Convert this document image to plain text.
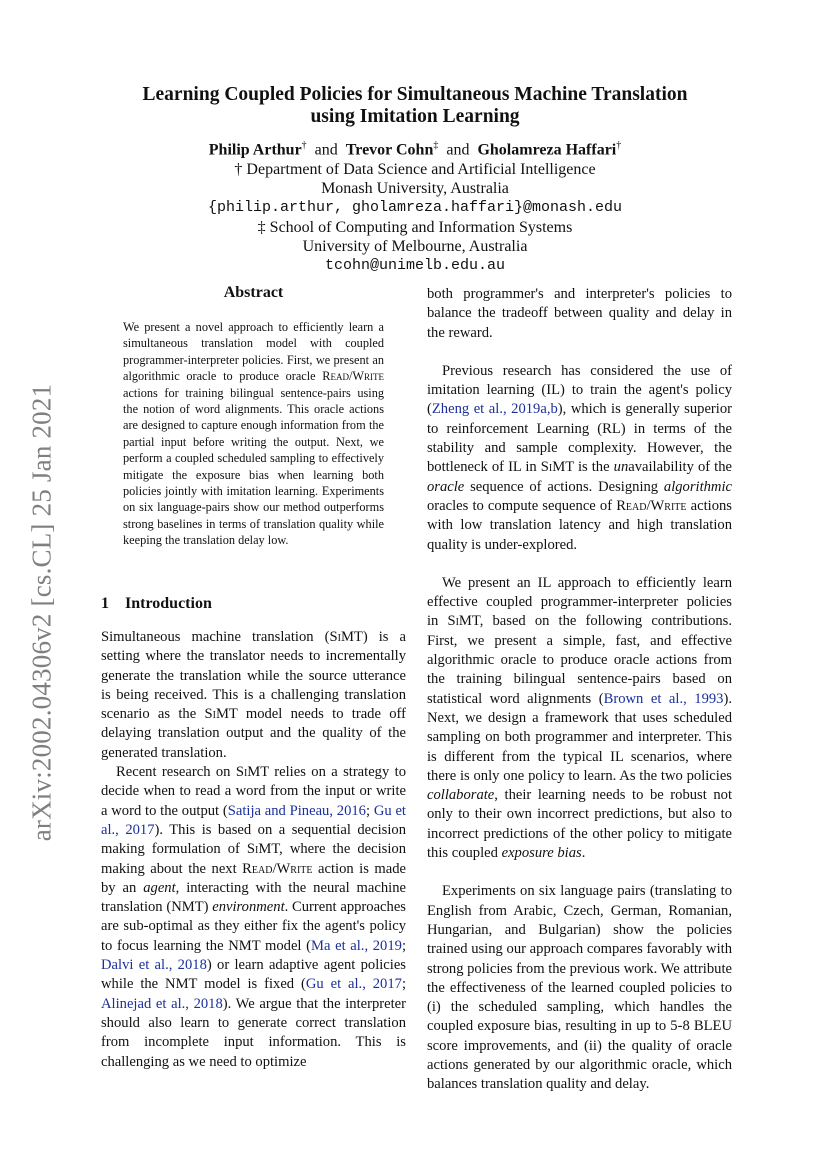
arXiv:2002.04306v2 [cs.CL] 25 Jan 2021
Learning Coupled Policies for Simultaneous Machine Translation
using Imitation Learning
Philip Arthur† and Trevor Cohn‡ and Gholamreza Haffari†
† Department of Data Science and Artificial Intelligence
Monash University, Australia
{philip.arthur, gholamreza.haffari}@monash.edu
‡ School of Computing and Information Systems
University of Melbourne, Australia
tcohn@unimelb.edu.au
Abstract
We present a novel approach to efficiently learn a simultaneous translation model with coupled programmer-interpreter policies. First, we present an algorithmic oracle to produce oracle Read/Write actions for training bilingual sentence-pairs using the notion of word alignments. This oracle actions are designed to capture enough information from the partial input before writing the output. Next, we perform a coupled scheduled sampling to effectively mitigate the exposure bias when learning both policies jointly with imitation learning. Experiments on six language-pairs show our method outperforms strong baselines in terms of translation quality while keeping the translation delay low.
1 Introduction

Simultaneous machine translation (SiMT) is a setting where the translator needs to incrementally generate the translation while the source utterance is being received. This is a challenging translation scenario as the SiMT model needs to trade off delaying translation output and the quality of the generated translation.

Recent research on SiMT relies on a strategy to decide when to read a word from the input or write a word to the output (Satija and Pineau, 2016; Gu et al., 2017). This is based on a sequential decision making formulation of SiMT, where the decision making about the next Read/Write action is made by an agent, interacting with the neural machine translation (NMT) environment. Current approaches are sub-optimal as they either fix the agent's policy to focus learning the NMT model (Ma et al., 2019; Dalvi et al., 2018) or learn adaptive agent policies while the NMT model is fixed (Gu et al., 2017; Alinejad et al., 2018). We argue that the interpreter should also learn to generate correct translation from incomplete input information. This is challenging as we need to optimize

both programmer's and interpreter's policies to balance the tradeoff between quality and delay in the reward.

Previous research has considered the use of imitation learning (IL) to train the agent's policy (Zheng et al., 2019a,b), which is generally superior to reinforcement Learning (RL) in terms of the stability and sample complexity. However, the bottleneck of IL in SiMT is the unavailability of the oracle sequence of actions. Designing algorithmic oracles to compute sequence of Read/Write actions with low translation latency and high translation quality is under-explored.

We present an IL approach to efficiently learn effective coupled programmer-interpreter policies in SiMT, based on the following contributions. First, we present a simple, fast, and effective algorithmic oracle to produce oracle actions from the training bilingual sentence-pairs based on statistical word alignments (Brown et al., 1993). Next, we design a framework that uses scheduled sampling on both programmer and interpreter. This is different from the typical IL scenarios, where there is only one policy to learn. As the two policies collaborate, their learning needs to be robust not only to their own incorrect predictions, but also to incorrect predictions of the other policy to mitigate this coupled exposure bias.

Experiments on six language pairs (translating to English from Arabic, Czech, German, Romanian, Hungarian, and Bulgarian) show the policies trained using our approach compares favorably with strong policies from the previous work. We attribute the effectiveness of the learned coupled policies to (i) the scheduled sampling, which handles the coupled exposure bias, resulting in up to 5-8 BLEU score improvements, and (ii) the quality of oracle actions generated by our algorithmic oracle, which balances translation quality and delay.
